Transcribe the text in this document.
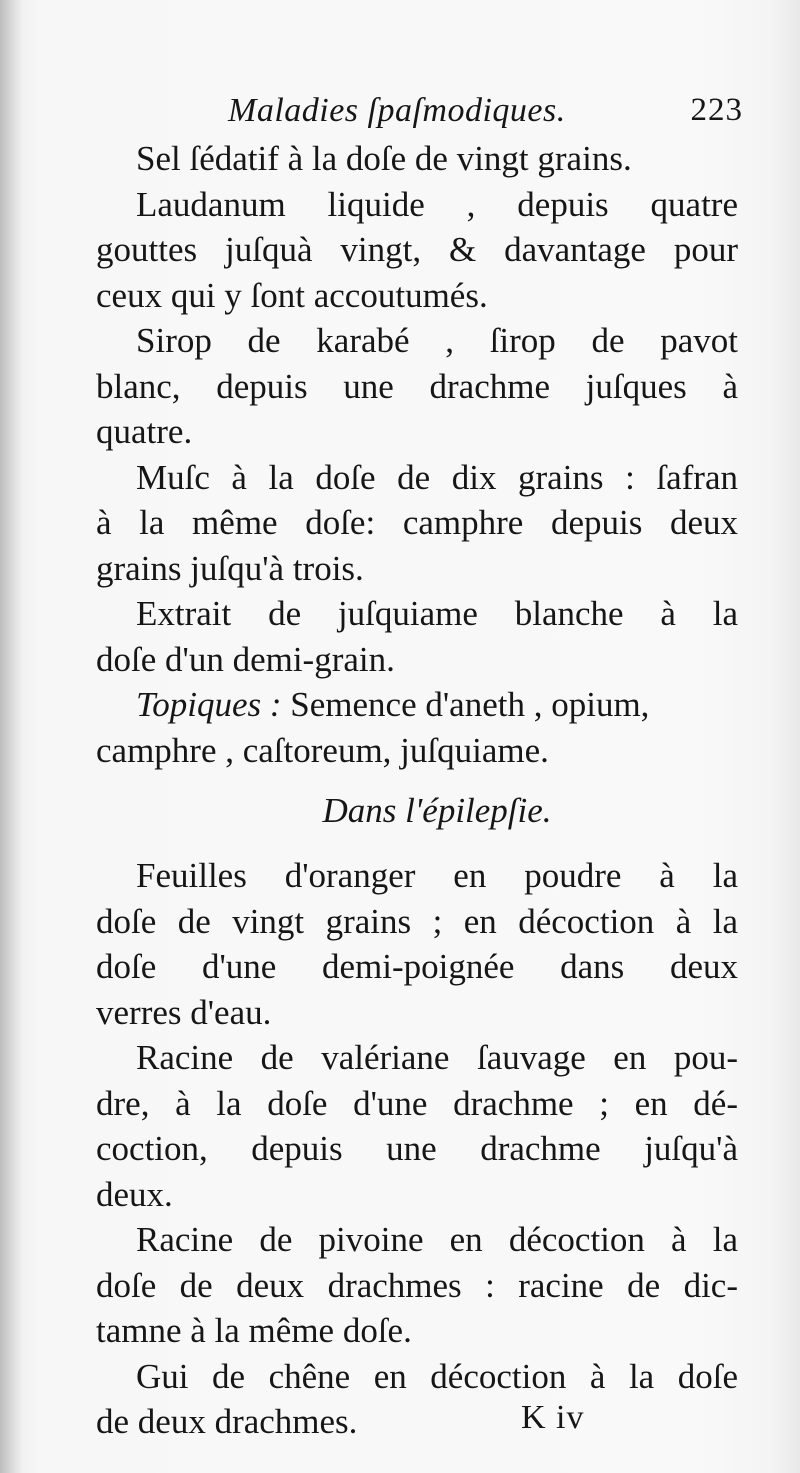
Maladies ſpaſmodiques.	223
Sel ſédatif à la doſe de vingt grains.
Laudanum liquide , depuis quatre
gouttes juſquà vingt, & davantage pour
ceux qui y ſont accoutumés.
Sirop de karabé , ſirop de pavot
blanc, depuis une drachme juſques à
quatre.
Muſc à la doſe de dix grains : ſafran
à la même doſe: camphre depuis deux
grains juſqu'à trois.
Extrait de juſquiame blanche à la
doſe d'un demi-grain.
Topiques : Semence d'aneth , opium,
camphre , caſtoreum, juſquiame.
Dans l'épilepſie.
Feuilles d'oranger en poudre à la
doſe de vingt grains ; en décoction à la
doſe d'une demi-poignée dans deux
verres d'eau.
Racine de valériane ſauvage en pou-
dre, à la doſe d'une drachme ; en dé-
coction, depuis une drachme juſqu'à
deux.
Racine de pivoine en décoction à la
doſe de deux drachmes : racine de dic-
tamne à la même doſe.
Gui de chêne en décoction à la doſe
de deux drachmes.	K iv
